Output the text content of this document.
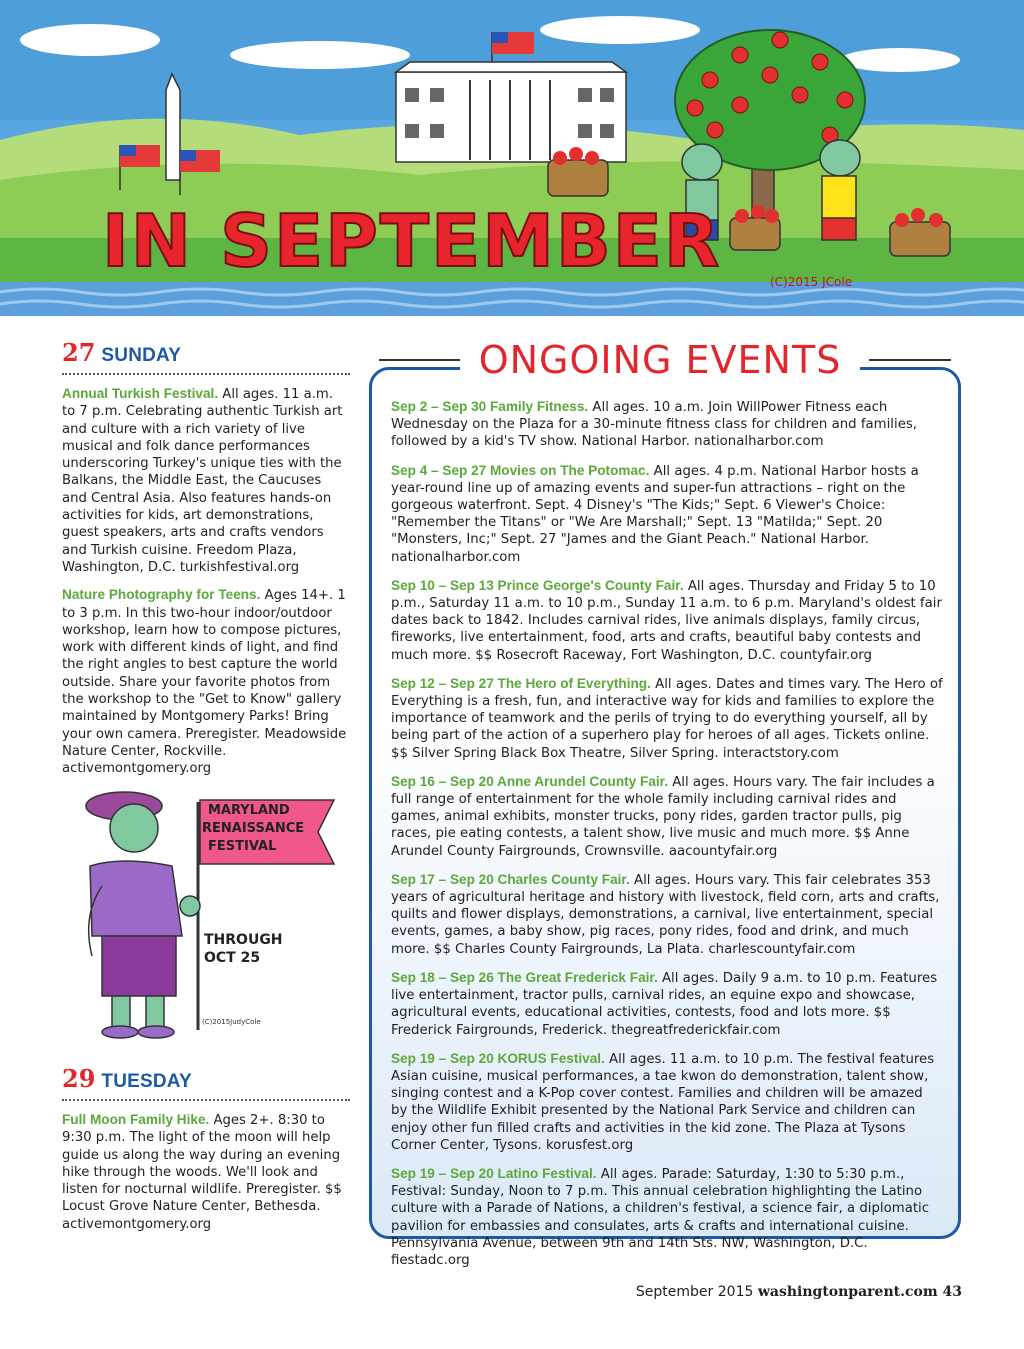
IN SEPTEMBER	(C)2015 JCole
27 SUNDAY

Annual Turkish Festival. All ages. 11 a.m. to 7 p.m. Celebrating authentic Turkish art and culture with a rich variety of live musical and folk dance performances underscoring Turkey's unique ties with the Balkans, the Middle East, the Caucuses and Central Asia. Also features hands-on activities for kids, art demonstrations, guest speakers, arts and crafts vendors and Turkish cuisine. Freedom Plaza, Washington, D.C. turkishfestival.org

Nature Photography for Teens. Ages 14+. 1 to 3 p.m. In this two-hour indoor/outdoor workshop, learn how to compose pictures, work with different kinds of light, and find the right angles to best capture the world outside. Share your favorite photos from the workshop to the "Get to Know" gallery maintained by Montgomery Parks! Bring your own camera. Preregister. Meadowside Nature Center, Rockville. activemontgomery.org

MARYLAND
RENAISSANCE
FESTIVAL
THROUGH
OCT 25
(C)2015JudyCole
29 TUESDAY

Full Moon Family Hike. Ages 2+. 8:30 to 9:30 p.m. The light of the moon will help guide us along the way during an evening hike through the woods. We'll look and listen for nocturnal wildlife. Preregister. $$ Locust Grove Nature Center, Bethesda. activemontgomery.org

ONGOING EVENTS

Sep 2 – Sep 30 Family Fitness. All ages. 10 a.m. Join WillPower Fitness each Wednesday on the Plaza for a 30-minute fitness class for children and families, followed by a kid's TV show. National Harbor. nationalharbor.com

Sep 4 – Sep 27 Movies on The Potomac. All ages. 4 p.m. National Harbor hosts a year-round line up of amazing events and super-fun attractions – right on the gorgeous waterfront. Sept. 4 Disney's "The Kids;" Sept. 6 Viewer's Choice: "Remember the Titans" or "We Are Marshall;" Sept. 13 "Matilda;" Sept. 20 "Monsters, Inc;" Sept. 27 "James and the Giant Peach." National Harbor. nationalharbor.com

Sep 10 – Sep 13 Prince George's County Fair. All ages. Thursday and Friday 5 to 10 p.m., Saturday 11 a.m. to 10 p.m., Sunday 11 a.m. to 6 p.m. Maryland's oldest fair dates back to 1842. Includes carnival rides, live animals displays, family circus, fireworks, live entertainment, food, arts and crafts, beautiful baby contests and much more. $$ Rosecroft Raceway, Fort Washington, D.C. countyfair.org

Sep 12 – Sep 27 The Hero of Everything. All ages. Dates and times vary. The Hero of Everything is a fresh, fun, and interactive way for kids and families to explore the importance of teamwork and the perils of trying to do everything yourself, all by being part of the action of a superhero play for heroes of all ages. Tickets online. $$ Silver Spring Black Box Theatre, Silver Spring. interactstory.com

Sep 16 – Sep 20 Anne Arundel County Fair. All ages. Hours vary. The fair includes a full range of entertainment for the whole family including carnival rides and games, animal exhibits, monster trucks, pony rides, garden tractor pulls, pig races, pie eating contests, a talent show, live music and much more. $$ Anne Arundel County Fairgrounds, Crownsville. aacountyfair.org

Sep 17 – Sep 20 Charles County Fair. All ages. Hours vary. This fair celebrates 353 years of agricultural heritage and history with livestock, field corn, arts and crafts, quilts and flower displays, demonstrations, a carnival, live entertainment, special events, games, a baby show, pig races, pony rides, food and drink, and much more. $$ Charles County Fairgrounds, La Plata. charlescountyfair.com

Sep 18 – Sep 26 The Great Frederick Fair. All ages. Daily 9 a.m. to 10 p.m. Features live entertainment, tractor pulls, carnival rides, an equine expo and showcase, agricultural events, educational activities, contests, food and lots more. $$ Frederick Fairgrounds, Frederick. thegreatfrederickfair.com

Sep 19 – Sep 20 KORUS Festival. All ages. 11 a.m. to 10 p.m. The festival features Asian cuisine, musical performances, a tae kwon do demonstration, talent show, singing contest and a K-Pop cover contest. Families and children will be amazed by the Wildlife Exhibit presented by the National Park Service and children can enjoy other fun filled crafts and activities in the kid zone. The Plaza at Tysons Corner Center, Tysons. korusfest.org

Sep 19 – Sep 20 Latino Festival. All ages. Parade: Saturday, 1:30 to 5:30 p.m., Festival: Sunday, Noon to 7 p.m. This annual celebration highlighting the Latino culture with a Parade of Nations, a children's festival, a science fair, a diplomatic pavilion for embassies and consulates, arts & crafts and international cuisine. Pennsylvania Avenue, between 9th and 14th Sts. NW, Washington, D.C. fiestadc.org

September 2015 washingtonparent.com 43
